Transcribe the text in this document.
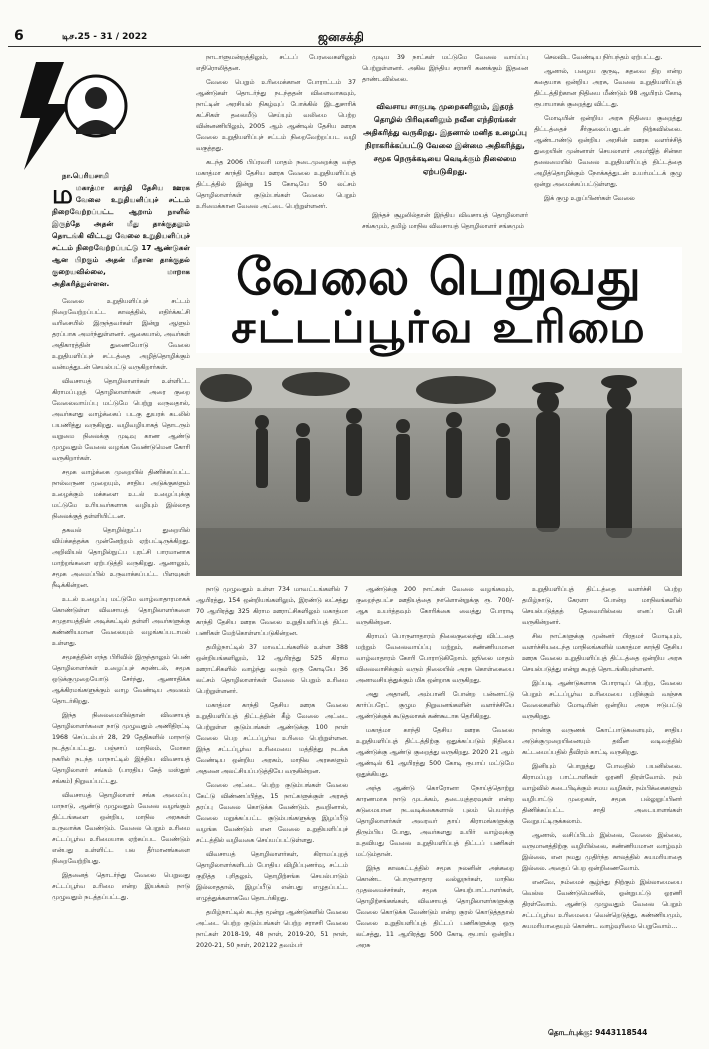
6	டிச.25 - 31 / 2022	ஜனசக்தி
நா.பெரியசாமி
மமகாத்மா காந்தி தேசிய ஊரக வேலை உறுதியளிப்புச் சட்டம் நிறைவேற்றப்பட்ட ஆறாம் நாளில் இருந்தே அதன் மீது தாக்குதலும் தொடங்கி விட்டது வேலை உறுதியளிப்புச் சட்டம் நிறைவேற்றப்பட்டு 17 ஆண்டுகள் ஆன பிறகும் அதன் மீதான தாக்குதல் குறையவில்லை, மாறாக அதிகரித்துள்ளன.

வேலை உறுதியளிப்புச் சட்டம் நிறைவேற்றப்பட்ட காலத்தில், எதிர்க்கட்சி வரிசையில் இருந்தவர்கள் இன்று ஆளும் தரப்பாக அமர்ந்துள்ளனர். ஆகையால், அவர்கள் அதிகாரத்தின் துணையோடு வேலை உறுதியளிப்புச் சட்டத்தை அழித்தொழிக்கும் வன்மத்துடன் செயல்பட்டு வருகிறார்கள்.

விவசாயத் தொழிலாளர்கள் உள்ளிட்ட கிராமப்புறத் தொழிலாளர்கள் அரை குறை வேலைவாய்ப்பு மட்டுமே பெற்று வருவதால், அவர்களது வாழ்க்கைப் படகு துயரக் கடலில் பயணித்து வருகிறது. வழிவழியாகத் தொடரும் வறுமை நிலைக்கு முடிவு காண ஆண்டு முழுவதும் வேலை வழங்க வேண்டுமென கோரி வருகிறார்கள்.

சமூக வாழ்க்கை முறையில் திணிக்கப்பட்ட நால்வருண முறையும், சாதிய அடுக்குகளும் உழைக்கும் மக்களை உடல் உழைப்புக்கு மட்டுமே உரியவர்களாக வழியும் இல்லாத நிலைக்குத் தள்ளியிட்டன.

தகவல் தொழில்நுட்ப துறையில் விய்க்கத்தக்க முன்னேற்றம் ஏற்பட்டிருக்கிறது. அறிவியல் தொழில்நுட்ப புரட்சி பாரமானாக மாற்றங்களை ஏற்படுத்தி வருகிறது. ஆனாலும், சமூக அமைப்பில் உருவாக்கப்பட்ட பிளவுகள் நீடிக்கின்றன.

உடல் உழைப்பு மட்டுமே வாழ்வாதாரமாகக் கொண்டுள்ள விவசாயத் தொழிலாளர்களை சமுதாயத்தின் அடிக்கட்டில் தள்ளி அவர்களுக்கு கண்ணியமான வேலையும் வழங்கப்படாமல் உள்ளது.

சமூகத்தின் எந்த பிரிவில் இருந்தாலும் பெண் தொழிலாளர்கள் உழைப்புச் சுரண்டல், சமூக ஒடுக்குமுறையோடு சேர்ந்து, ஆணாதிக்க ஆக்கிரமங்களுக்கும் வாழ வேண்டிய அவலம் தொடர்கிறது.

இந்த நிலைமையில்தான் விவசாயத் தொழிலாளர்களை நாடு முழுவதும் அணிதிரட்டி 1968 செப்டம்பர் 28, 29 தேதிகளில் மாநாடு நடத்தப்பட்டது. பஞ்சாப் மாநிலம், மோகா நகரில் நடந்த மாநாட்டில் இந்திய விவசாயத் தொழிலாளர் சங்கம் (பாரதிய கேத் மஸ்தூர் சங்கம்) நிறுவப்பட்டது.

விவசாயத் தொழிலாளர் சங்க அமைப்பு மாநாடு, ஆண்டு முழுவதும் வேலை வழங்கும் திட்டங்களை ஒன்றிய, மாநில அரசுகள் உருவாக்க வேண்டும். வேலை பெறும் உரிமை சட்டப்பூர்வ உரிமையாக ஏற்கப்பட வேண்டும் என்பது உள்ளிட்ட பல தீர்மானங்களை நிறைவேற்றியது.

இதனைத் தொடர்ந்து வேலை பெறுவது சட்டப்பூர்வ உரிமை என்ற இயக்கம் நாடு முழுவதும் நடத்தப்பட்டது.

நாடாளுமன்றத்திலும், சட்டப் பேரவைகளிலும் எதிரொலித்தன.

வேலை பெறும் உரிமைக்கான போராட்டம் 37 ஆண்டுகள் தொடர்ந்து நடந்ததன் விளைவாகவும், நாட்டின் அரசியல் நிகழ்வுப் போக்கில் இடதுசாரிக் கட்சிகள் தலைமீடு செய்யும் வலிமை பெற்ற வின்னணியிலும், 2005 ஆம் ஆண்டில் தேசிய ஊரக வேலை உறுதியளிப்புச் சட்டம் நிறைவேற்றப்பட வழி வகுத்தது.

கடந்த 2006 பிப்ரவரி மாதம் நடைமுறைக்கு வந்த மகாத்மா காந்தி தேசிய ஊரக வேலை உறுதியளிப்புத் திட்டத்தில் இன்று 15 கோடியே 50 லட்சம் தொழிலாளர்கள் குடும்பங்கள் வேலை பெறும் உரிமைக்கான வேலை அட்டை பெற்றுள்ளனர்.

முடிய 39 நாட்கள் மட்டுமே வேலை வாய்ப்பு பெற்றுள்ளனர். அகில இந்திய சராசரி கணக்கும் இதனை தாண்டவில்லை.

விவசாய சாகுபடி முறைகளிலும், இதரத் தொழில் பிரிவுகளிலும் நவீன எந்திரங்கள் அதிகரித்து வருகிறது. இதனால் மனித உழைப்பு நிராகரிக்கப்பட்டு வேலை இன்மை அதிகரித்து, சமூக நெருக்கடியை வெடிக்கும் நிலைமை ஏற்படுகிறது.

இந்தச் சூழலில்தான் இந்திய விவசாயத் தொழிலாளர் சங்கமும், தமிழ் மாநில விவசாயத் தொழிலாளர் சங்கமும்

செலவிட வேண்டிய நிர்பந்தம் ஏற்பட்டது.

ஆனால், பழைய குருடி, கதவை திற என்ற கதையாக ஒன்றிய அரசு, வேலை உறுதியளிப்புத் திட்டத்திற்கான நிதியை மீண்டும் 98 ஆயிரம் கோடி ரூபாயாகக் குறைத்து விட்டது.

மோடியின் ஒன்றிய அரசு நிதியை குறைத்து திட்டத்தைச் சீர்குலைப்பதுடன் நிற்கவில்லை. ஆண்டாண்டு ஒன்றிய அரசின் ஊரக வளர்ச்சித் துறையின் முன்னாள் செயலாளர் அமர்ஜித் சின்கா தலைமையில் வேலை உறுதியளிப்புத் திட்டத்தை அழித்தொழிக்கும் நோக்கத்துடன் உயர்மட்டக் குழு ஒன்று அமைக்கப்பட்டுள்ளது.

இக் குழு உறுப்பினர்கள் வேலை

வேலை பெறுவது
சட்டப்பூர்வ உரிமை

நாடு முழுவதும் உள்ள 734 மாவட்டங்களில் 7 ஆயிரத்து, 154 ஒன்றியங்களிலும், இரண்டு லட்சத்து 70 ஆயிரத்து 325 கிராம ஊராட்சிகளிலும் மகாத்மா காந்தி தேசிய ஊரக வேலை உறுதியளிப்புத் திட்ட பணிகள் மேற்கொள்ளப்படுகின்றன.

தமிழ்நாட்டில் 37 மாவட்டங்களில் உள்ள 388 ஒன்றியங்களிலும், 12 ஆயிரத்து 525 கிராம ஊராட்சிகளில் வாழ்ந்து வரும் ஒரு கோடியே 36 லட்சம் தொழிலாளர்கள் வேலை பெறும் உரிமை பெற்றுள்ளனர்.

மகாத்மா காந்தி தேசிய ஊரக வேலை உறுதியளிப்புத் திட்டத்தின் கீழ் வேலை அட்டை பெற்றுள்ள குடும்பங்கள் ஆண்டுக்கு 100 நாள் வேலை பெற சட்டப்பூர்வ உரிமை பெற்றுள்ளன. இந்த சட்டப்பூர்வ உரிமையை மத்தித்து நடக்க வேண்டிய ஒன்றிய அரசும், மாநில அரசுகளும் அதனை அலட்சியப்படுத்தியே வருகின்றன.

வேலை அட்டை பெற்ற குடும்பங்கள் வேலை கேட்டு விண்ணப்பித்த, 15 நாட்களுக்குள் அரசுத் தரப்பு வேலை கொடுக்க வேண்டும். தவறினால், வேலை மறுக்கப்பட்ட குடும்பங்களுக்கு இழப்பீடு வழங்க வேண்டும் என வேலை உறுதியளிப்புச் சட்டத்தில் வழிவகை செய்யப்பட்டுள்ளது.

விவசாயத் தொழிலாளர்கள், கிராமப்புறத் தொழிலாளர்களிடம் போதிய விழிப்புணர்வு, சட்டம் குறித்த புரிதலும், தொழிற்சங்க செயல்பாடும் இல்லாததால், இழப்பீடு என்பது எழுதப்பட்ட எழுத்துக்களாகவே தொடர்கிறது.

தமிழ்நாட்டில் கடந்த மூன்று ஆண்டுகளில் வேலை அட்டை பெற்ற குடும்பங்கள் பெற்ற சராசரி வேலை நாட்கள் 2018-19, 48 நாள், 2019-20, 51 நாள், 2020-21, 50 நாள், 202122 தவம்பர்

ஆண்டுக்கு 200 நாட்கள் வேலை வழங்கவும், குறைந்தபட்ச ஊதியத்தை நாளொன்றுக்கு ரூ. 700/- ஆக உயர்த்தவும் கோரிக்கை வைத்து போராடி வருகின்றன.

கிராமப் பொருளாதாரம் நிலைகுலைந்து விட்டதை மற்றும் வேலைவாய்ப்பு மற்றும், கண்ணியமான வாழ்வாதாரம் கோரி போராடுகிறோம். ஜூலை மாதம் விலைவாசிக்கும் வரும் நிலையில் அரசு கொள்கையை அனாவசியத்துக்கும் மிக ஒன்றாக வருகிறது.

அது அதானி, அம்பானி போன்ற பன்னாட்டு கார்ப்பரேட் குழும நிறுவனங்களின் வளர்ச்சியே ஆண்டுக்குக் கூடுதலாகக் கண்கூடாக தெரிகிறது.

மகாத்மா காந்தி தேசிய ஊரக வேலை உறுதியளிப்புத் திட்டத்திற்கு ஒதுக்கப்படும் நிதியை ஆண்டுக்கு ஆண்டு குறைத்து வருகிறது. 2020 21 ஆம் ஆண்டில் 61 ஆயிரத்து 500 கோடி ரூபாய் மட்டுமே ஒதுக்கியது.

அந்த ஆண்டு கொரோனா நோய்த்தொற்று காரணமாக நாடு முடக்கம், தடையுத்தரவுகள் என்ற கடுமையான நடவடிக்கைகளால் புலம் பெயர்ந்த தொழிலாளர்கள் அவரவர் தாய் கிராமங்களுக்கு திரும்பிய போது, அவர்களது உயிர் வாழ்வுக்கு உதவியது வேலை உறுதியளிப்புத் திட்டப் பணிகள் மட்டும்தான்.

இந்த காலகட்டத்தில் சமூக நலனின் அக்கறை கொண்ட பொருளாதார வல்லுநர்கள், மாநில முதலமைச்சர்கள், சமூக செயற்பாட்டாளர்கள், தொழிற்சங்கங்கள், விவசாயத் தொழிலாளர்களுக்கு வேலை கொடுக்க வேண்டும் என்ற குரல் கொடுத்ததால் வேலை உறுதியளிப்புத் திட்டப் பணிகளுக்கு ஒரு லட்சத்து, 11 ஆயிரத்து 500 கோடி ரூபாய் ஒன்றிய அரசு

உறுதியளிப்புத் திட்டத்தை வளர்ச்சி பெற்ற தமிழ்நாடு, கேரளா போன்ற மாநிலங்களில் செயல்படுத்தத் தேவையில்லை எனப் பேசி வருகின்றனர்.

சில நாட்களுக்கு முன்னர் பிரதமர் மோடியும், வளர்ச்சியடைந்த மாநிலங்களில் மகாத்மா காந்தி தேசிய ஊரக வேலை உறுதியளிப்புத் திட்டத்தை ஒன்றிய அரசு செயல்படுத்து என்று கூறத் தொடங்கியுள்ளனர்.

இப்படி ஆண்டுகளாக போராடிப் பெற்ற, வேலை பெறும் சட்டப்பூர்வ உரிமையை பறிக்கும் வஞ்சக வேலைகளில் மோடியின் ஒன்றிய அரசு ஈடுபட்டு வருகிறது.

நான்கு வருணக் கோட்பாடுகளையும், சாதிய அடுக்குமுறையினையும் தவீன வடிவத்தில் கட்டமைப்பதில் தீவிரம் காட்டி வருகிறது.

இனியும் பொறுத்து போவதில் பயனில்லை. கிராமப்புற பாட்டாளிகள் ஓரணி திரள்வோம். நம் வாழ்வில் கடைபிடிக்கும் சமய வழிகள், நம்பிக்கைகளும் வழிபாட்டு முறைகள், சமூக பல்லுறுப்பினர் திணிக்கப்பட்ட சாதி அடையாளங்கள் வேறுபட்டிருக்கலாம்.

ஆனால், வசிப்பிடம் இல்லை, வேலை இல்லை, வருமானத்திற்கு வழியில்லை, கண்ணியமான வாழ்வும் இல்லை, என நமது முதிர்ந்த காலத்தில் சுயமரியாதை இல்லை. அதைப் பெற ஒன்றிணைவோம்.

எனவே, நம்மைச் சூழ்ந்து நிற்கும் இல்லாமையை வெல்ல வேண்டுமெனில், ஓன்றுபட்டு ஓரணி திரள்வோம். ஆண்டு முழுவதும் வேலை பெறும் சட்டப்பூர்வ உரிமையை வென்றெடுத்து, கண்ணியமும், சுயமரியாதையும் கொண்ட வாழ்வுரிமை பெறுவோம்...

தொடர்புக்கு: 9443118544
